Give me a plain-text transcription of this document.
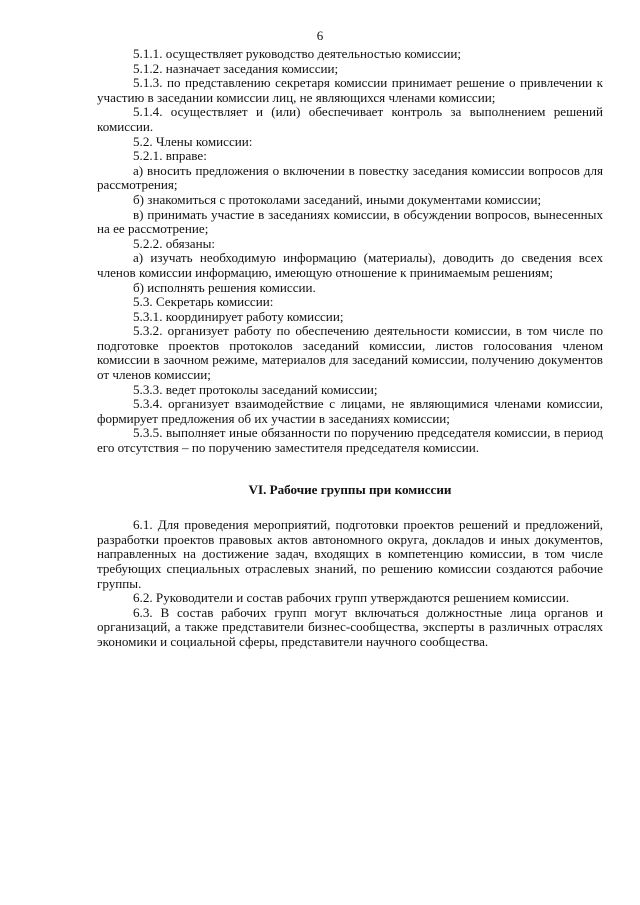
6

5.1.1. осуществляет руководство деятельностью комиссии;

5.1.2. назначает заседания комиссии;

5.1.3. по представлению секретаря комиссии принимает решение о привлечении к участию в заседании комиссии лиц, не являющихся членами комиссии;

5.1.4. осуществляет и (или) обеспечивает контроль за выполнением решений комиссии.

5.2. Члены комиссии:

5.2.1. вправе:

а) вносить предложения о включении в повестку заседания комиссии вопросов для рассмотрения;

б) знакомиться с протоколами заседаний, иными документами комиссии;

в) принимать участие в заседаниях комиссии, в обсуждении вопросов, вынесенных на ее рассмотрение;

5.2.2. обязаны:

а) изучать необходимую информацию (материалы), доводить до сведения всех членов комиссии информацию, имеющую отношение к принимаемым решениям;

б) исполнять решения комиссии.

5.3. Секретарь комиссии:

5.3.1. координирует работу комиссии;

5.3.2. организует работу по обеспечению деятельности комиссии, в том числе по подготовке проектов протоколов заседаний комиссии, листов голосования членом комиссии в заочном режиме, материалов для заседаний комиссии, получению документов от членов комиссии;

5.3.3. ведет протоколы заседаний комиссии;

5.3.4. организует взаимодействие с лицами, не являющимися членами комиссии, формирует предложения об их участии в заседаниях комиссии;

5.3.5. выполняет иные обязанности по поручению председателя комиссии, в период его отсутствия – по поручению заместителя председателя комиссии.

VI. Рабочие группы при комиссии

6.1. Для проведения мероприятий, подготовки проектов решений и предложений, разработки проектов правовых актов автономного округа, докладов и иных документов, направленных на достижение задач, входящих в компетенцию комиссии, в том числе требующих специальных отраслевых знаний, по решению комиссии создаются рабочие группы.

6.2. Руководители и состав рабочих групп утверждаются решением комиссии.

6.3. В состав рабочих групп могут включаться должностные лица органов и организаций, а также представители бизнес-сообщества, эксперты в различных отраслях экономики и социальной сферы, представители научного сообщества.
